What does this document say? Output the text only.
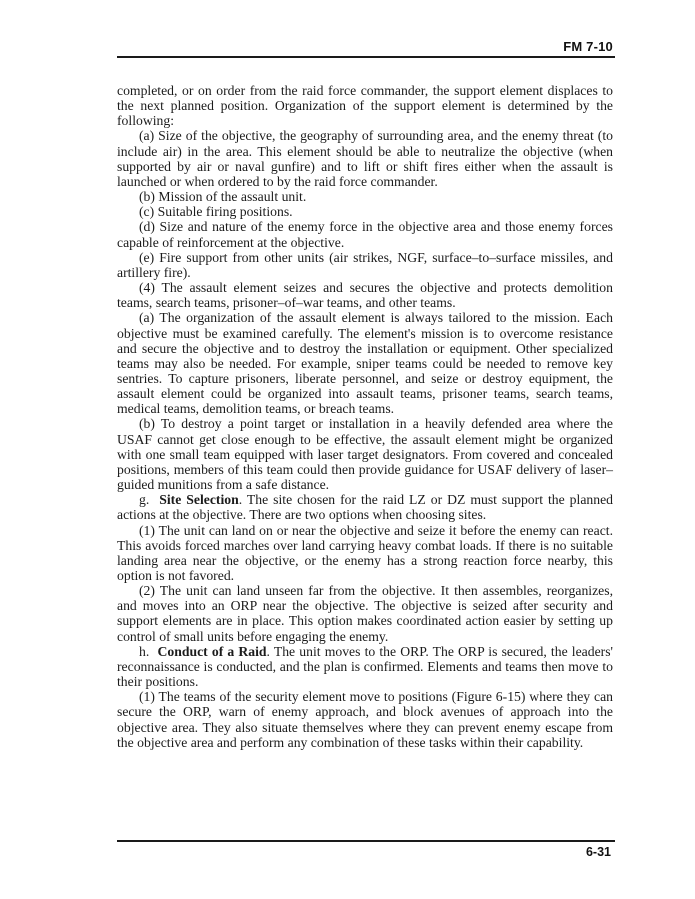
FM 7-10

completed, or on order from the raid force commander, the support element displaces to the next planned position. Organization of the support element is determined by the following:

(a) Size of the objective, the geography of surrounding area, and the enemy threat (to include air) in the area. This element should be able to neutralize the objective (when supported by air or naval gunfire) and to lift or shift fires either when the assault is launched or when ordered to by the raid force commander.

(b) Mission of the assault unit.

(c) Suitable firing positions.

(d) Size and nature of the enemy force in the objective area and those enemy forces capable of reinforcement at the objective.

(e) Fire support from other units (air strikes, NGF, surface–to–surface missiles, and artillery fire).

(4) The assault element seizes and secures the objective and protects demolition teams, search teams, prisoner–of–war teams, and other teams.

(a) The organization of the assault element is always tailored to the mission. Each objective must be examined carefully. The element's mission is to overcome resistance and secure the objective and to destroy the installation or equipment. Other specialized teams may also be needed. For example, sniper teams could be needed to remove key sentries. To capture prisoners, liberate personnel, and seize or destroy equipment, the assault element could be organized into assault teams, prisoner teams, search teams, medical teams, demolition teams, or breach teams.

(b) To destroy a point target or installation in a heavily defended area where the USAF cannot get close enough to be effective, the assault element might be organized with one small team equipped with laser target designators. From covered and concealed positions, members of this team could then provide guidance for USAF delivery of laser–guided munitions from a safe distance.

g.  Site Selection. The site chosen for the raid LZ or DZ must support the planned actions at the objective. There are two options when choosing sites.

(1) The unit can land on or near the objective and seize it before the enemy can react. This avoids forced marches over land carrying heavy combat loads. If there is no suitable landing area near the objective, or the enemy has a strong reaction force nearby, this option is not favored.

(2) The unit can land unseen far from the objective. It then assembles, reorganizes, and moves into an ORP near the objective. The objective is seized after security and support elements are in place. This option makes coordinated action easier by setting up control of small units before engaging the enemy.

h.  Conduct of a Raid. The unit moves to the ORP. The ORP is secured, the leaders' reconnaissance is conducted, and the plan is confirmed. Elements and teams then move to their positions.

(1) The teams of the security element move to positions (Figure 6-15) where they can secure the ORP, warn of enemy approach, and block avenues of approach into the objective area. They also situate themselves where they can prevent enemy escape from the objective area and perform any combination of these tasks within their capability.

6-31
